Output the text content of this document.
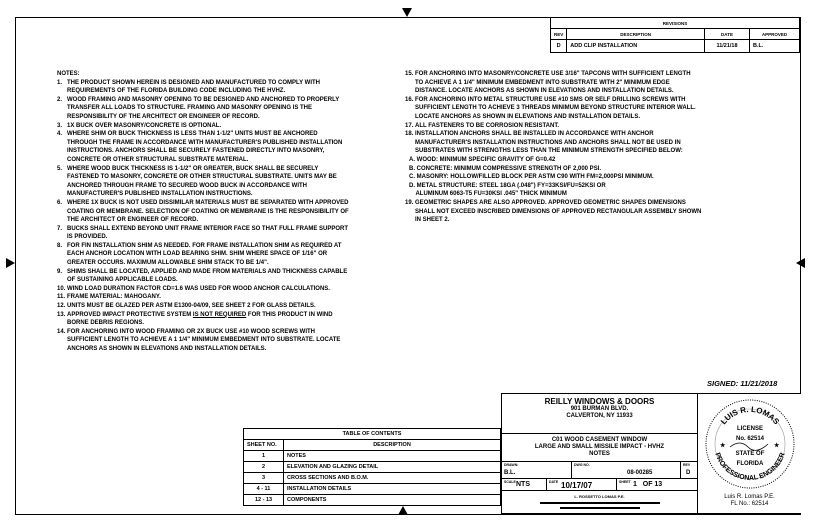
REVISIONS			
REV	DESCRIPTION	DATE	APPROVED
D	ADD CLIP INSTALLATION	11/21/18	B.L.
NOTES:
1. THE PRODUCT SHOWN HEREIN IS DESIGNED AND MANUFACTURED TO COMPLY WITH
REQUIREMENTS OF THE FLORIDA BUILDING CODE INCLUDING THE HVHZ.
2. WOOD FRAMING AND MASONRY OPENING TO BE DESIGNED AND ANCHORED TO PROPERLY
TRANSFER ALL LOADS TO STRUCTURE. FRAMING AND MASONRY OPENING IS THE
RESPONSIBILITY OF THE ARCHITECT OR ENGINEER OF RECORD.
3. 1X BUCK OVER MASONRY/CONCRETE IS OPTIONAL.
4. WHERE SHIM OR BUCK THICKNESS IS LESS THAN 1-1/2" UNITS MUST BE ANCHORED
THROUGH THE FRAME IN ACCORDANCE WITH MANUFACTURER'S PUBLISHED INSTALLATION
INSTRUCTIONS. ANCHORS SHALL BE SECURELY FASTENED DIRECTLY INTO MASONRY,
CONCRETE OR OTHER STRUCTURAL SUBSTRATE MATERIAL.
5. WHERE WOOD BUCK THICKNESS IS 1-1/2" OR GREATER, BUCK SHALL BE SECURELY
FASTENED TO MASONRY, CONCRETE OR OTHER STRUCTURAL SUBSTRATE. UNITS MAY BE
ANCHORED THROUGH FRAME TO SECURED WOOD BUCK IN ACCORDANCE WITH
MANUFACTURER'S PUBLISHED INSTALLATION INSTRUCTIONS.
6. WHERE 1X BUCK IS NOT USED DISSIMILAR MATERIALS MUST BE SEPARATED WITH APPROVED
COATING OR MEMBRANE. SELECTION OF COATING OR MEMBRANE IS THE RESPONSIBILITY OF
THE ARCHITECT OR ENGINEER OF RECORD.
7. BUCKS SHALL EXTEND BEYOND UNIT FRAME INTERIOR FACE SO THAT FULL FRAME SUPPORT
IS PROVIDED.
8. FOR FIN INSTALLATION SHIM AS NEEDED. FOR FRAME INSTALLATION SHIM AS REQUIRED AT
EACH ANCHOR LOCATION WITH LOAD BEARING SHIM. SHIM WHERE SPACE OF 1/16" OR
GREATER OCCURS. MAXIMUM ALLOWABLE SHIM STACK TO BE 1/4".
9. SHIMS SHALL BE LOCATED, APPLIED AND MADE FROM MATERIALS AND THICKNESS CAPABLE
OF SUSTAINING APPLICABLE LOADS.
10. WIND LOAD DURATION FACTOR CD=1.6 WAS USED FOR WOOD ANCHOR CALCULATIONS.
11. FRAME MATERIAL: MAHOGANY.
12. UNITS MUST BE GLAZED PER ASTM E1300-04/09, SEE SHEET 2 FOR GLASS DETAILS.
13. APPROVED IMPACT PROTECTIVE SYSTEM IS NOT REQUIRED FOR THIS PRODUCT IN WIND
BORNE DEBRIS REGIONS.
14. FOR ANCHORING INTO WOOD FRAMING OR 2X BUCK USE #10 WOOD SCREWS WITH
SUFFICIENT LENGTH TO ACHIEVE A 1 1/4" MINIMUM EMBEDMENT INTO SUBSTRATE. LOCATE
ANCHORS AS SHOWN IN ELEVATIONS AND INSTALLATION DETAILS.
15. FOR ANCHORING INTO MASONRY/CONCRETE USE 3/16" TAPCONS WITH SUFFICIENT LENGTH
TO ACHIEVE A 1 1/4" MINIMUM EMBEDMENT INTO SUBSTRATE WITH 2" MINIMUM EDGE
DISTANCE. LOCATE ANCHORS AS SHOWN IN ELEVATIONS AND INSTALLATION DETAILS.
16. FOR ANCHORING INTO METAL STRUCTURE USE #10 SMS OR SELF DRILLING SCREWS WITH
SUFFICIENT LENGTH TO ACHIEVE 3 THREADS MINIMUM BEYOND STRUCTURE INTERIOR WALL.
LOCATE ANCHORS AS SHOWN IN ELEVATIONS AND INSTALLATION DETAILS.
17. ALL FASTENERS TO BE CORROSION RESISTANT.
18. INSTALLATION ANCHORS SHALL BE INSTALLED IN ACCORDANCE WITH ANCHOR
MANUFACTURER'S INSTALLATION INSTRUCTIONS AND ANCHORS SHALL NOT BE USED IN
SUBSTRATES WITH STRENGTHS LESS THAN THE MINIMUM STRENGTH SPECIFIED BELOW:
A. WOOD: MINIMUM SPECIFIC GRAVITY OF G=0.42
B. CONCRETE: MINIMUM COMPRESSIVE STRENGTH OF 2,000 PSI.
C. MASONRY: HOLLOW/FILLED BLOCK PER ASTM C90 WITH FM=2,000PSI MINIMUM.
D. METAL STRUCTURE: STEEL 18GA (.048") FY=33KSI/FU=52KSI OR
ALUMINUM 6063-T5 FU=30KSI .045" THICK MINIMUM
19. GEOMETRIC SHAPES ARE ALSO APPROVED. APPROVED GEOMETRIC SHAPES DIMENSIONS
SHALL NOT EXCEED INSCRIBED DIMENSIONS OF APPROVED RECTANGULAR ASSEMBLY SHOWN
IN SHEET 2.
SIGNED: 11/21/2018
TABLE OF CONTENTS	
SHEET NO.	DESCRIPTION
1	NOTES
2	ELEVATION AND GLAZING DETAIL
3	CROSS SECTIONS AND B.O.M.
4 - 11	INSTALLATION DETAILS
12 - 13	COMPONENTS
REILLY WINDOWS & DOORS
901 BURMAN BLVD.
CALVERTON, NY 11933
C01 WOOD CASEMENT WINDOW
LARGE AND SMALL MISSILE IMPACT - HVHZ
NOTES
DRAWN:
B.L.
DWG NO.
08-00285
REV
D
SCALE NTS	DATE 10/17/07	SHEET 1 OF 13
L. ROSSETTO LOMAS P.E.
LUIS R. LOMAS
PROFESSIONAL ENGINEER
LICENSE
No. 62514
STATE OF
FLORIDA
★	★
Luis R. Lomas P.E.
FL No.: 62514
